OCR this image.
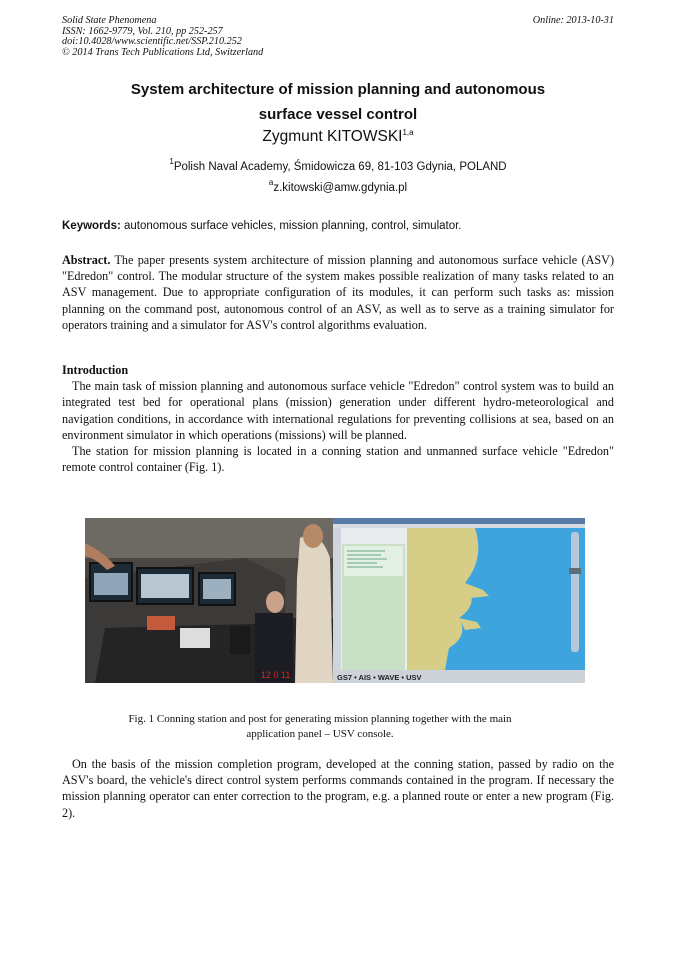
Solid State Phenomena
ISSN: 1662-9779, Vol. 210, pp 252-257
doi:10.4028/www.scientific.net/SSP.210.252
© 2014 Trans Tech Publications Ltd, Switzerland
Online: 2013-10-31
System architecture of mission planning and autonomous
surface vessel control
Zygmunt KITOWSKI$^{1,a}$
$^1$Polish Naval Academy, Śmidowicza 69, 81-103 Gdynia, POLAND
$^a$z.kitowski@amw.gdynia.pl
Keywords: autonomous surface vehicles, mission planning, control, simulator.
Abstract. The paper presents system architecture of mission planning and autonomous surface vehicle (ASV) "Edredon" control. The modular structure of the system makes possible realization of many tasks related to an ASV management. Due to appropriate configuration of its modules, it can perform such tasks as: mission planning on the command post, autonomous control of an ASV, as well as to serve as a training simulator for operators training and a simulator for ASV's control algorithms evaluation.
Introduction
The main task of mission planning and autonomous surface vehicle "Edredon" control system was to build an integrated test bed for operational plans (mission) generation under different hydro-meteorological and navigation conditions, in accordance with international regulations for preventing collisions at sea, based on an environment simulator in which operations (missions) will be planned.
The station for mission planning is located in a conning station and unmanned surface vehicle "Edredon" remote control container (Fig. 1).
12 0 11	GS7 • AIS • WAVE • USV
Fig. 1 Conning station and post for generating mission planning together with the main
application panel – USV console.
On the basis of the mission completion program, developed at the conning station, passed by radio on the ASV's board, the vehicle's direct control system performs commands contained in the program. If necessary the mission planning operator can enter correction to the program, e.g. a planned route or enter a new program (Fig. 2).
